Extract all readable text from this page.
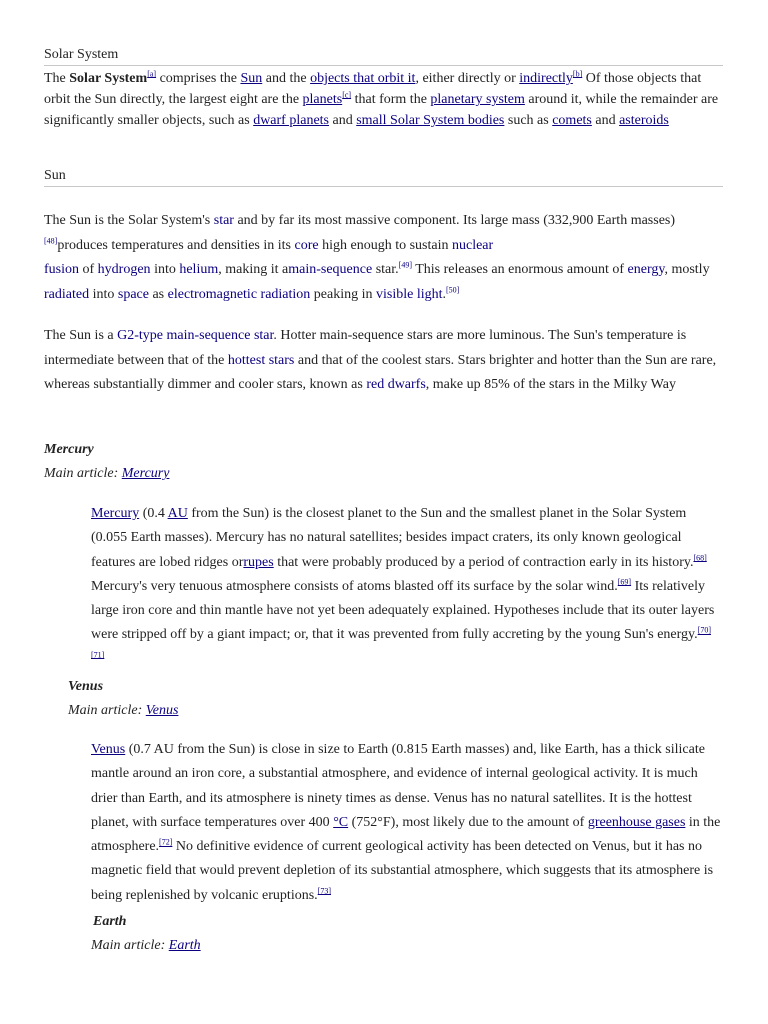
Solar System
The Solar System[a] comprises the Sun and the objects that orbit it, either directly or indirectly[b] Of those objects that orbit the Sun directly, the largest eight are the planets[c] that form the planetary system around it, while the remainder are significantly smaller objects, such as dwarf planets and small Solar System bodies such as comets and asteroids
Sun
The Sun is the Solar System's star and by far its most massive component. Its large mass (332,900 Earth masses)[48]produces temperatures and densities in its core high enough to sustain nuclear
fusion of hydrogen into helium, making it amain-sequence star.[49] This releases an enormous amount of energy, mostly radiated into space as electromagnetic radiation peaking in visible light.[50]
The Sun is a G2-type main-sequence star. Hotter main-sequence stars are more luminous. The Sun's temperature is intermediate between that of the hottest stars and that of the coolest stars. Stars brighter and hotter than the Sun are rare, whereas substantially dimmer and cooler stars, known as red dwarfs, make up 85% of the stars in the Milky Way
Mercury
Main article: Mercury
Mercury (0.4 AU from the Sun) is the closest planet to the Sun and the smallest planet in the Solar System (0.055 Earth masses). Mercury has no natural satellites; besides impact craters, its only known geological features are lobed ridges orrupes that were probably produced by a period of contraction early in its history.[68] Mercury's very tenuous atmosphere consists of atoms blasted off its surface by the solar wind.[69] Its relatively large iron core and thin mantle have not yet been adequately explained. Hypotheses include that its outer layers were stripped off by a giant impact; or, that it was prevented from fully accreting by the young Sun's energy.[70][71]
Venus
Main article: Venus
Venus (0.7 AU from the Sun) is close in size to Earth (0.815 Earth masses) and, like Earth, has a thick silicate mantle around an iron core, a substantial atmosphere, and evidence of internal geological activity. It is much drier than Earth, and its atmosphere is ninety times as dense. Venus has no natural satellites. It is the hottest planet, with surface temperatures over 400 °C (752°F), most likely due to the amount of greenhouse gases in the atmosphere.[72] No definitive evidence of current geological activity has been detected on Venus, but it has no magnetic field that would prevent depletion of its substantial atmosphere, which suggests that its atmosphere is being replenished by volcanic eruptions.[73]
Earth
Main article: Earth
